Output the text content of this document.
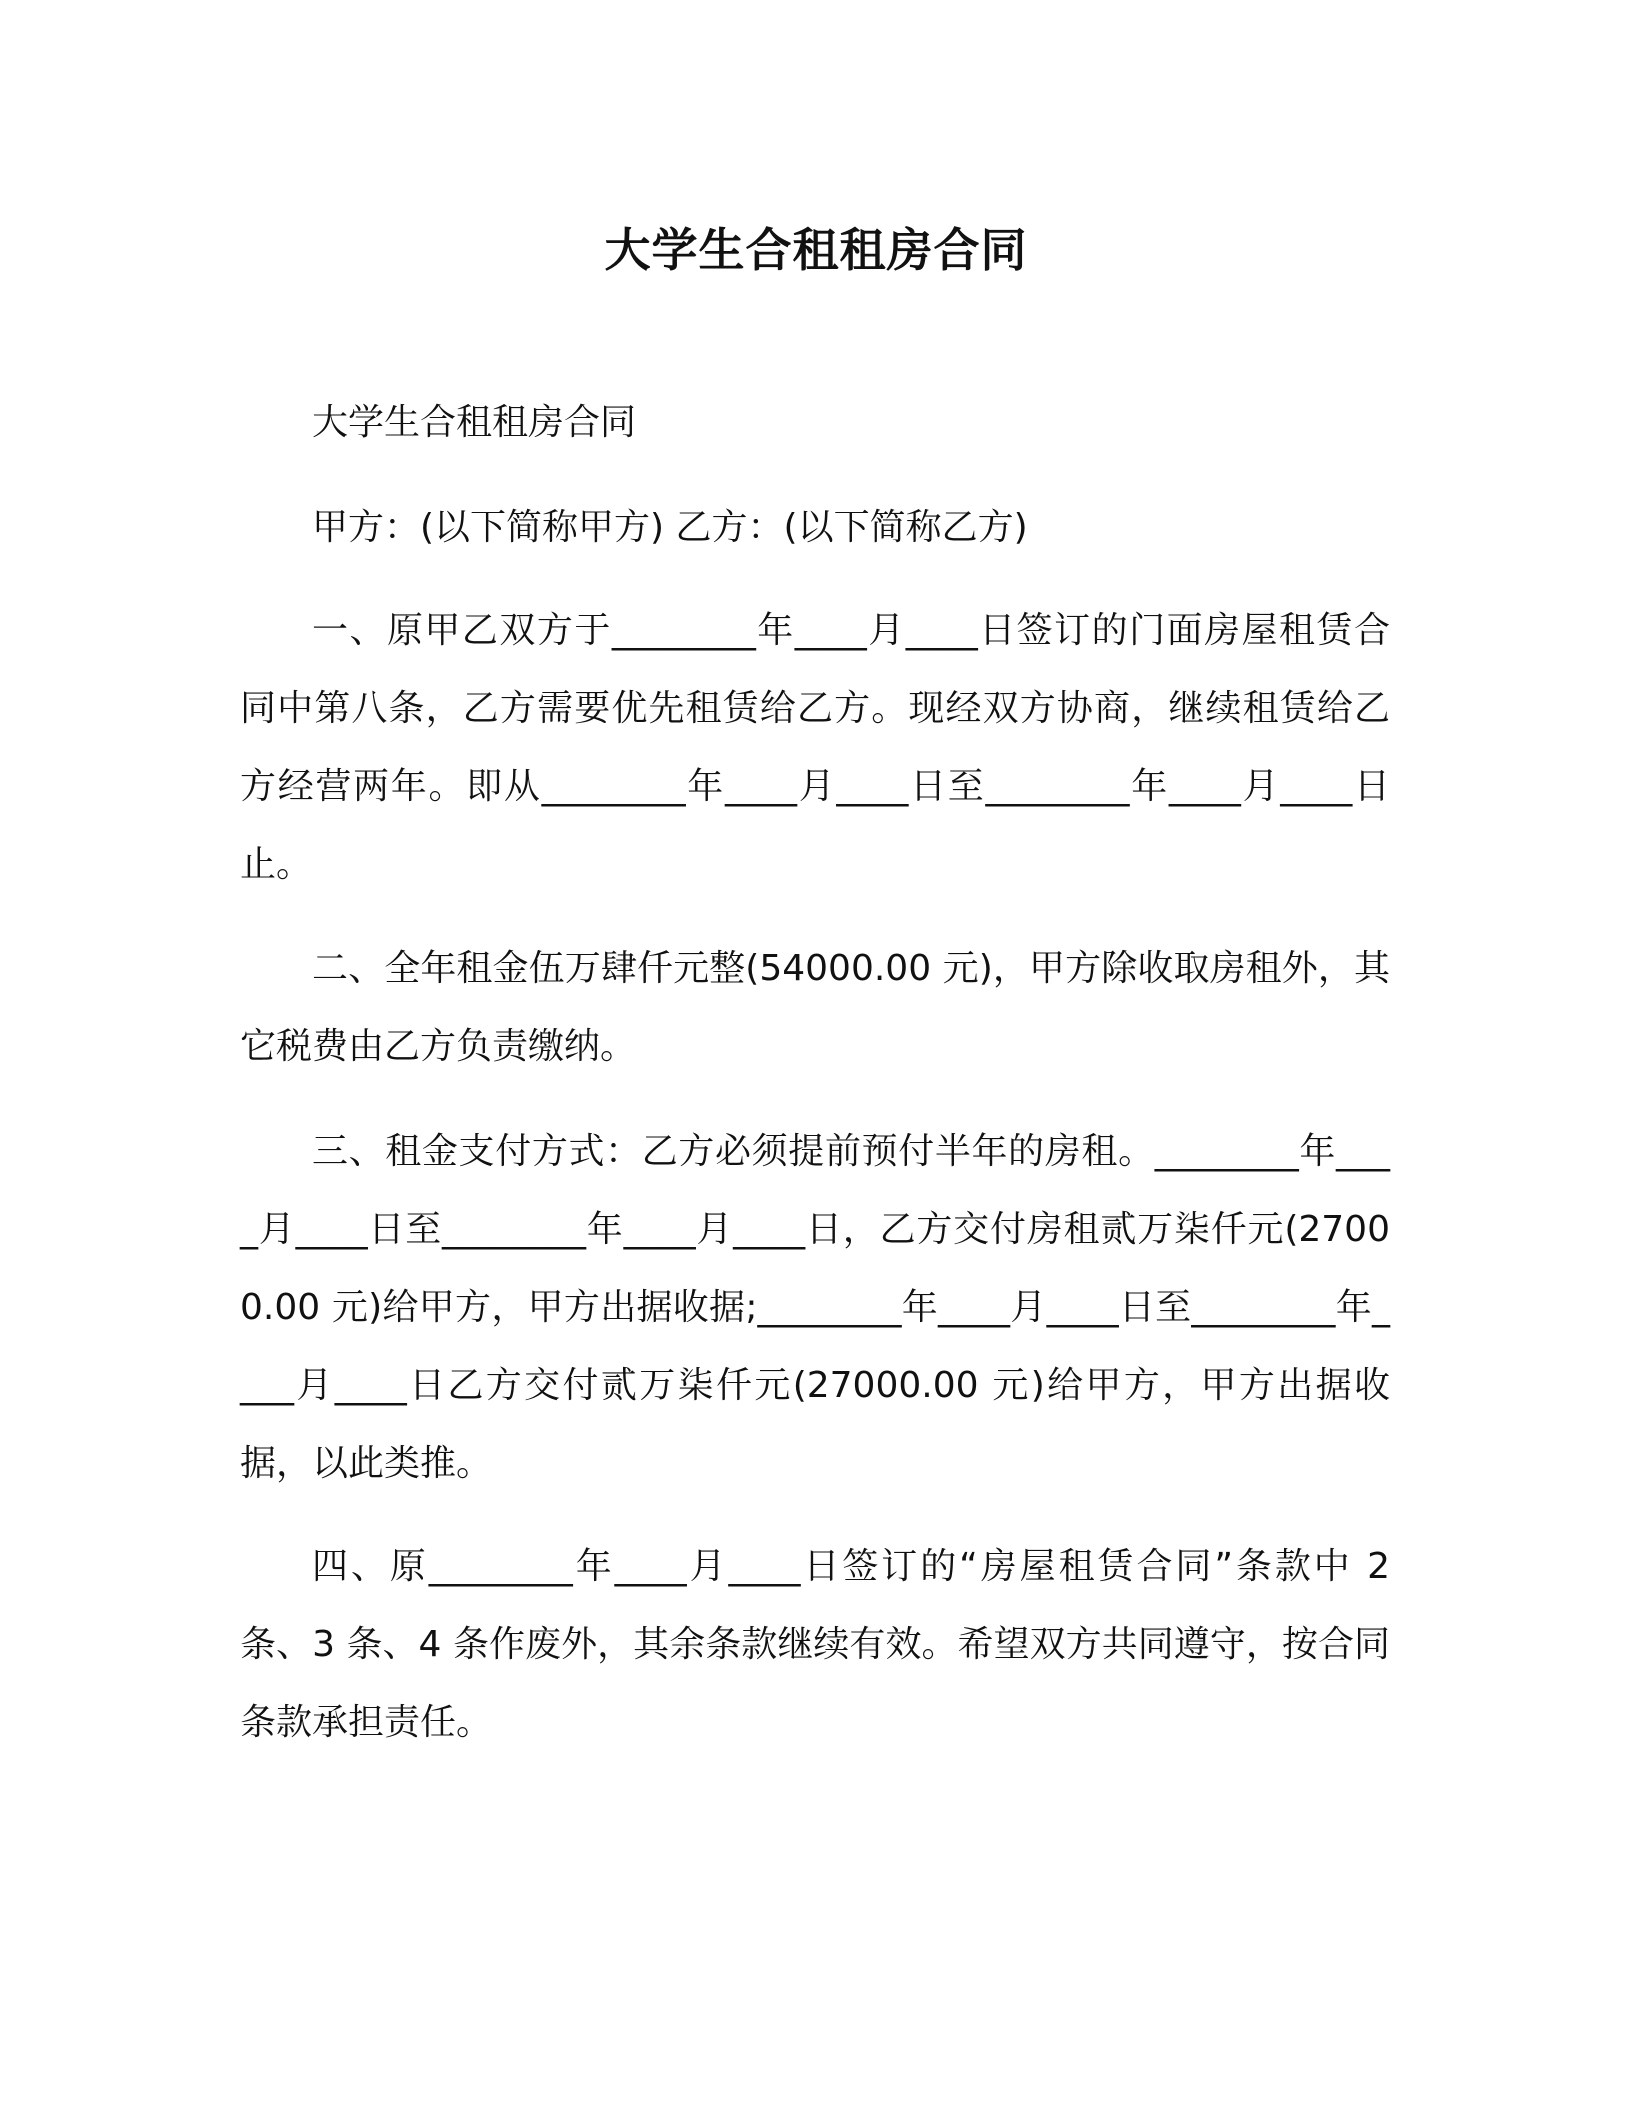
大学生合租租房合同

大学生合租租房合同

甲方：(以下简称甲方) 乙方：(以下简称乙方)

一、原甲乙双方于________年____月____日签订的门面房屋租赁合同中第八条，乙方需要优先租赁给乙方。现经双方协商，继续租赁给乙方经营两年。即从________年____月____日至________年____月____日止。

二、全年租金伍万肆仟元整(54000.00 元)，甲方除收取房租外，其它税费由乙方负责缴纳。

三、租金支付方式：乙方必须提前预付半年的房租。________年____月____日至________年____月____日，乙方交付房租贰万柒仟元(27000.00 元)给甲方，甲方出据收据;________年____月____日至________年____月____日乙方交付贰万柒仟元(27000.00 元)给甲方，甲方出据收据，以此类推。

四、原________年____月____日签订的“房屋租赁合同”条款中 2 条、3 条、4 条作废外，其余条款继续有效。希望双方共同遵守，按合同条款承担责任。
